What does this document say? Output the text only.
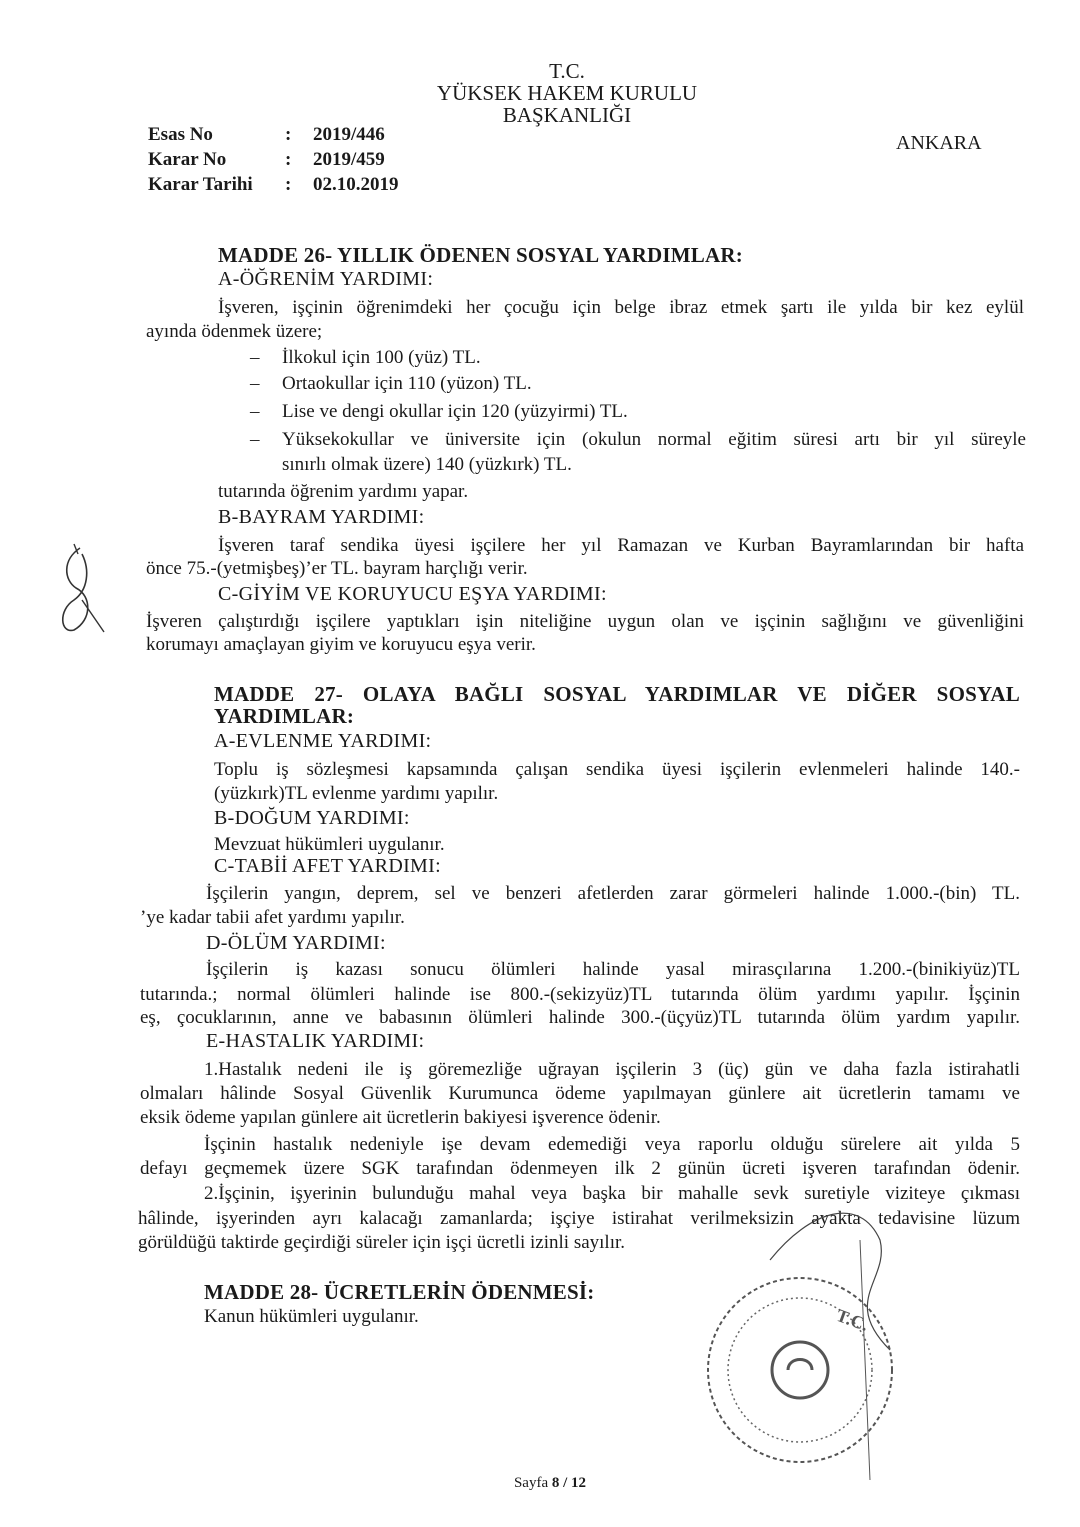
T.C.
YÜKSEK HAKEM KURULU
BAŞKANLIĞI
ANKARA
Esas No	: 2019/446
Karar No	: 2019/459
Karar Tarihi : 02.10.2019
MADDE 26- YILLIK ÖDENEN SOSYAL YARDIMLAR:
A-ÖĞRENİM YARDIMI:
İşveren, işçinin öğrenimdeki her çocuğu için belge ibraz etmek şartı ile yılda bir kez eylül
ayında ödenmek üzere;
– İlkokul için 100 (yüz) TL.
– Ortaokullar için 110 (yüzon) TL.
– Lise ve dengi okullar için 120 (yüzyirmi) TL.
– Yüksekokullar ve üniversite için (okulun normal eğitim süresi artı bir yıl süreyle
sınırlı olmak üzere) 140 (yüzkırk) TL.
tutarında öğrenim yardımı yapar.
B-BAYRAM YARDIMI:
İşveren taraf sendika üyesi işçilere her yıl Ramazan ve Kurban Bayramlarından bir hafta
önce 75.-(yetmişbeş)’er TL. bayram harçlığı verir.
C-GİYİM VE KORUYUCU EŞYA YARDIMI:
İşveren çalıştırdığı işçilere yaptıkları işin niteliğine uygun olan ve işçinin sağlığını ve güvenliğini
korumayı amaçlayan giyim ve koruyucu eşya verir.
MADDE 27- OLAYA BAĞLI SOSYAL YARDIMLAR VE DİĞER SOSYAL
YARDIMLAR:
A-EVLENME YARDIMI:
Toplu iş sözleşmesi kapsamında çalışan sendika üyesi işçilerin evlenmeleri halinde 140.-
(yüzkırk)TL evlenme yardımı yapılır.
B-DOĞUM YARDIMI:
Mevzuat hükümleri uygulanır.
C-TABİİ AFET YARDIMI:
İşçilerin yangın, deprem, sel ve benzeri afetlerden zarar görmeleri halinde 1.000.-(bin) TL.
’ye kadar tabii afet yardımı yapılır.
D-ÖLÜM YARDIMI:
İşçilerin iş kazası sonucu ölümleri halinde yasal mirasçılarına 1.200.-(binikiyüz)TL
tutarında.; normal ölümleri halinde ise 800.-(sekizyüz)TL tutarında ölüm yardımı yapılır. İşçinin
eş, çocuklarının, anne ve babasının ölümleri halinde 300.-(üçyüz)TL tutarında ölüm yardım yapılır.
E-HASTALIK YARDIMI:
1.Hastalık nedeni ile iş göremezliğe uğrayan işçilerin 3 (üç) gün ve daha fazla istirahatli
olmaları hâlinde Sosyal Güvenlik Kurumunca ödeme yapılmayan günlere ait ücretlerin tamamı ve
eksik ödeme yapılan günlere ait ücretlerin bakiyesi işverence ödenir.
İşçinin hastalık nedeniyle işe devam edemediği veya raporlu olduğu sürelere ait yılda 5
defayı geçmemek üzere SGK tarafından ödenmeyen ilk 2 günün ücreti işveren tarafından ödenir.
2.İşçinin, işyerinin bulunduğu mahal veya başka bir mahalle sevk suretiyle viziteye çıkması
hâlinde, işyerinden ayrı kalacağı zamanlarda; işçiye istirahat verilmeksizin ayakta tedavisine lüzum
görüldüğü taktirde geçirdiği süreler için işçi ücretli izinli sayılır.
MADDE 28- ÜCRETLERİN ÖDENMESİ:
Kanun hükümleri uygulanır.	T.C.
Sayfa 8 / 12
